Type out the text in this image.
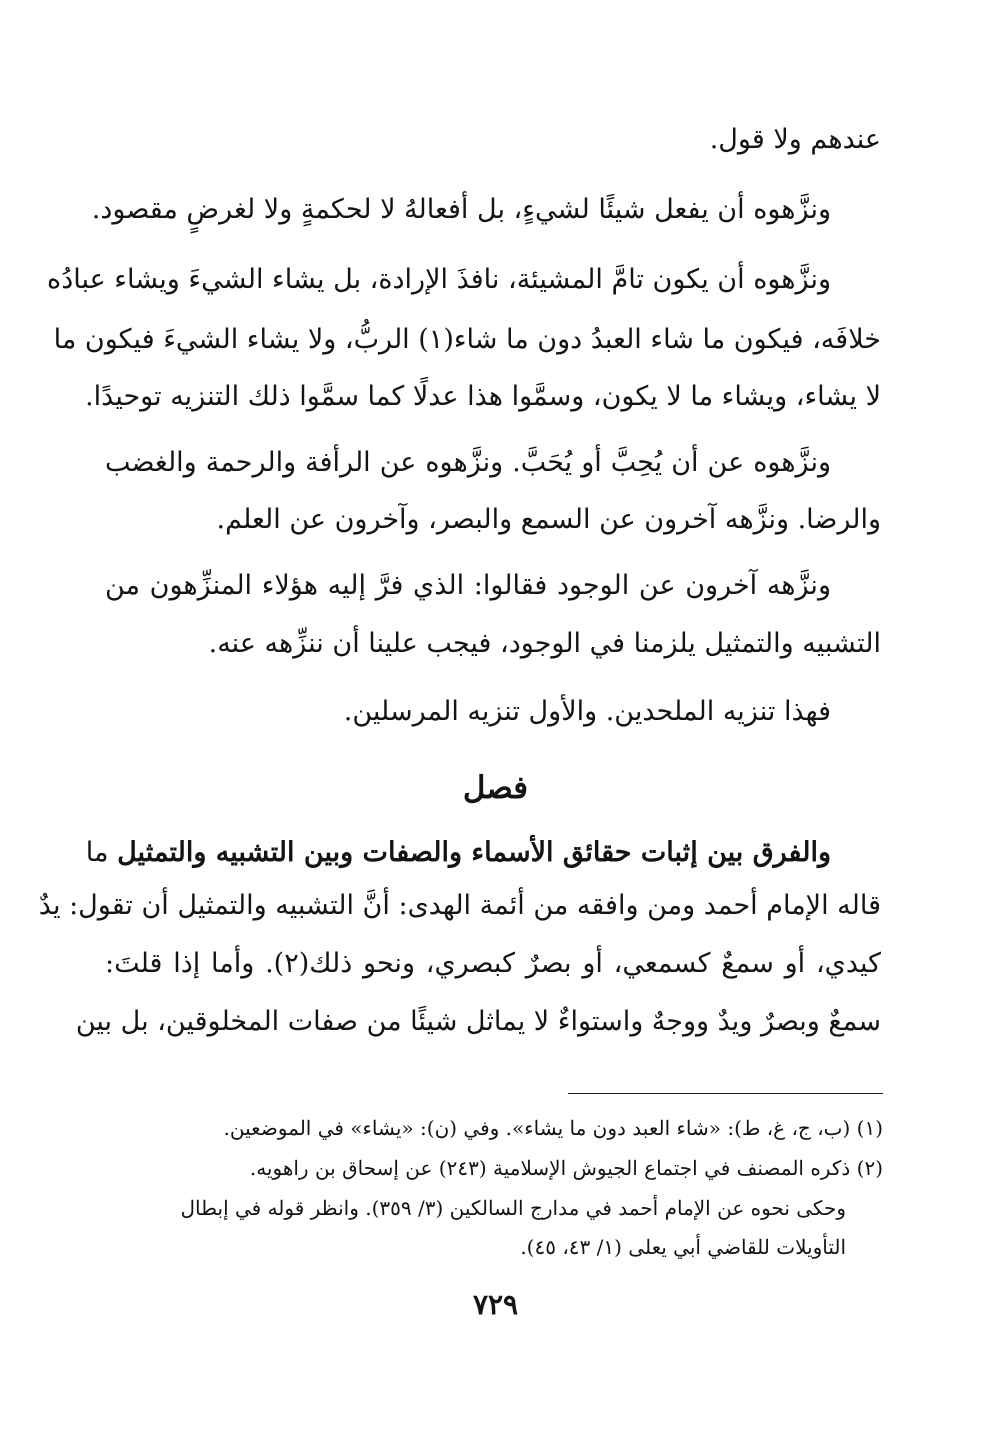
عندهم ولا قول.
ونزَّهوه أن يفعل شيئًا لشيءٍ، بل أفعالهُ لا لحكمةٍ ولا لغرضٍ مقصود.
ونزَّهوه أن يكون تامَّ المشيئة، نافذَ الإرادة، بل يشاء الشيءَ ويشاء عبادُه
خلافَه، فيكون ما شاء العبدُ دون ما شاء(١) الربُّ، ولا يشاء الشيءَ فيكون ما
لا يشاء، ويشاء ما لا يكون، وسمَّوا هذا عدلًا كما سمَّوا ذلك التنزيه توحيدًا.
ونزَّهوه عن أن يُحِبَّ أو يُحَبَّ. ونزَّهوه عن الرأفة والرحمة والغضب
والرضا. ونزَّهه آخرون عن السمع والبصر، وآخرون عن العلم.
ونزَّهه آخرون عن الوجود فقالوا: الذي فرَّ إليه هؤلاء المنزِّهون من
التشبيه والتمثيل يلزمنا في الوجود، فيجب علينا أن ننزِّهه عنه.
فهذا تنزيه الملحدين. والأول تنزيه المرسلين.
فصل
والفرق بين إثبات حقائق الأسماء والصفات وبين التشبيه والتمثيل ما
قاله الإمام أحمد ومن وافقه من أئمة الهدى: أنَّ التشبيه والتمثيل أن تقول: يدٌ
كيدي، أو سمعٌ كسمعي، أو بصرٌ كبصري، ونحو ذلك(٢). وأما إذا قلتَ:
سمعٌ وبصرٌ ويدٌ ووجهٌ واستواءٌ لا يماثل شيئًا من صفات المخلوقين، بل بين
(١) (ب، ج، غ، ط): «شاء العبد دون ما يشاء». وفي (ن): «يشاء» في الموضعين.
(٢) ذكره المصنف في اجتماع الجيوش الإسلامية (٢٤٣) عن إسحاق بن راهويه.
وحكى نحوه عن الإمام أحمد في مدارج السالكين (٣/ ٣٥٩). وانظر قوله في إبطال
التأويلات للقاضي أبي يعلى (١/ ٤٣، ٤٥).
٧٢٩
